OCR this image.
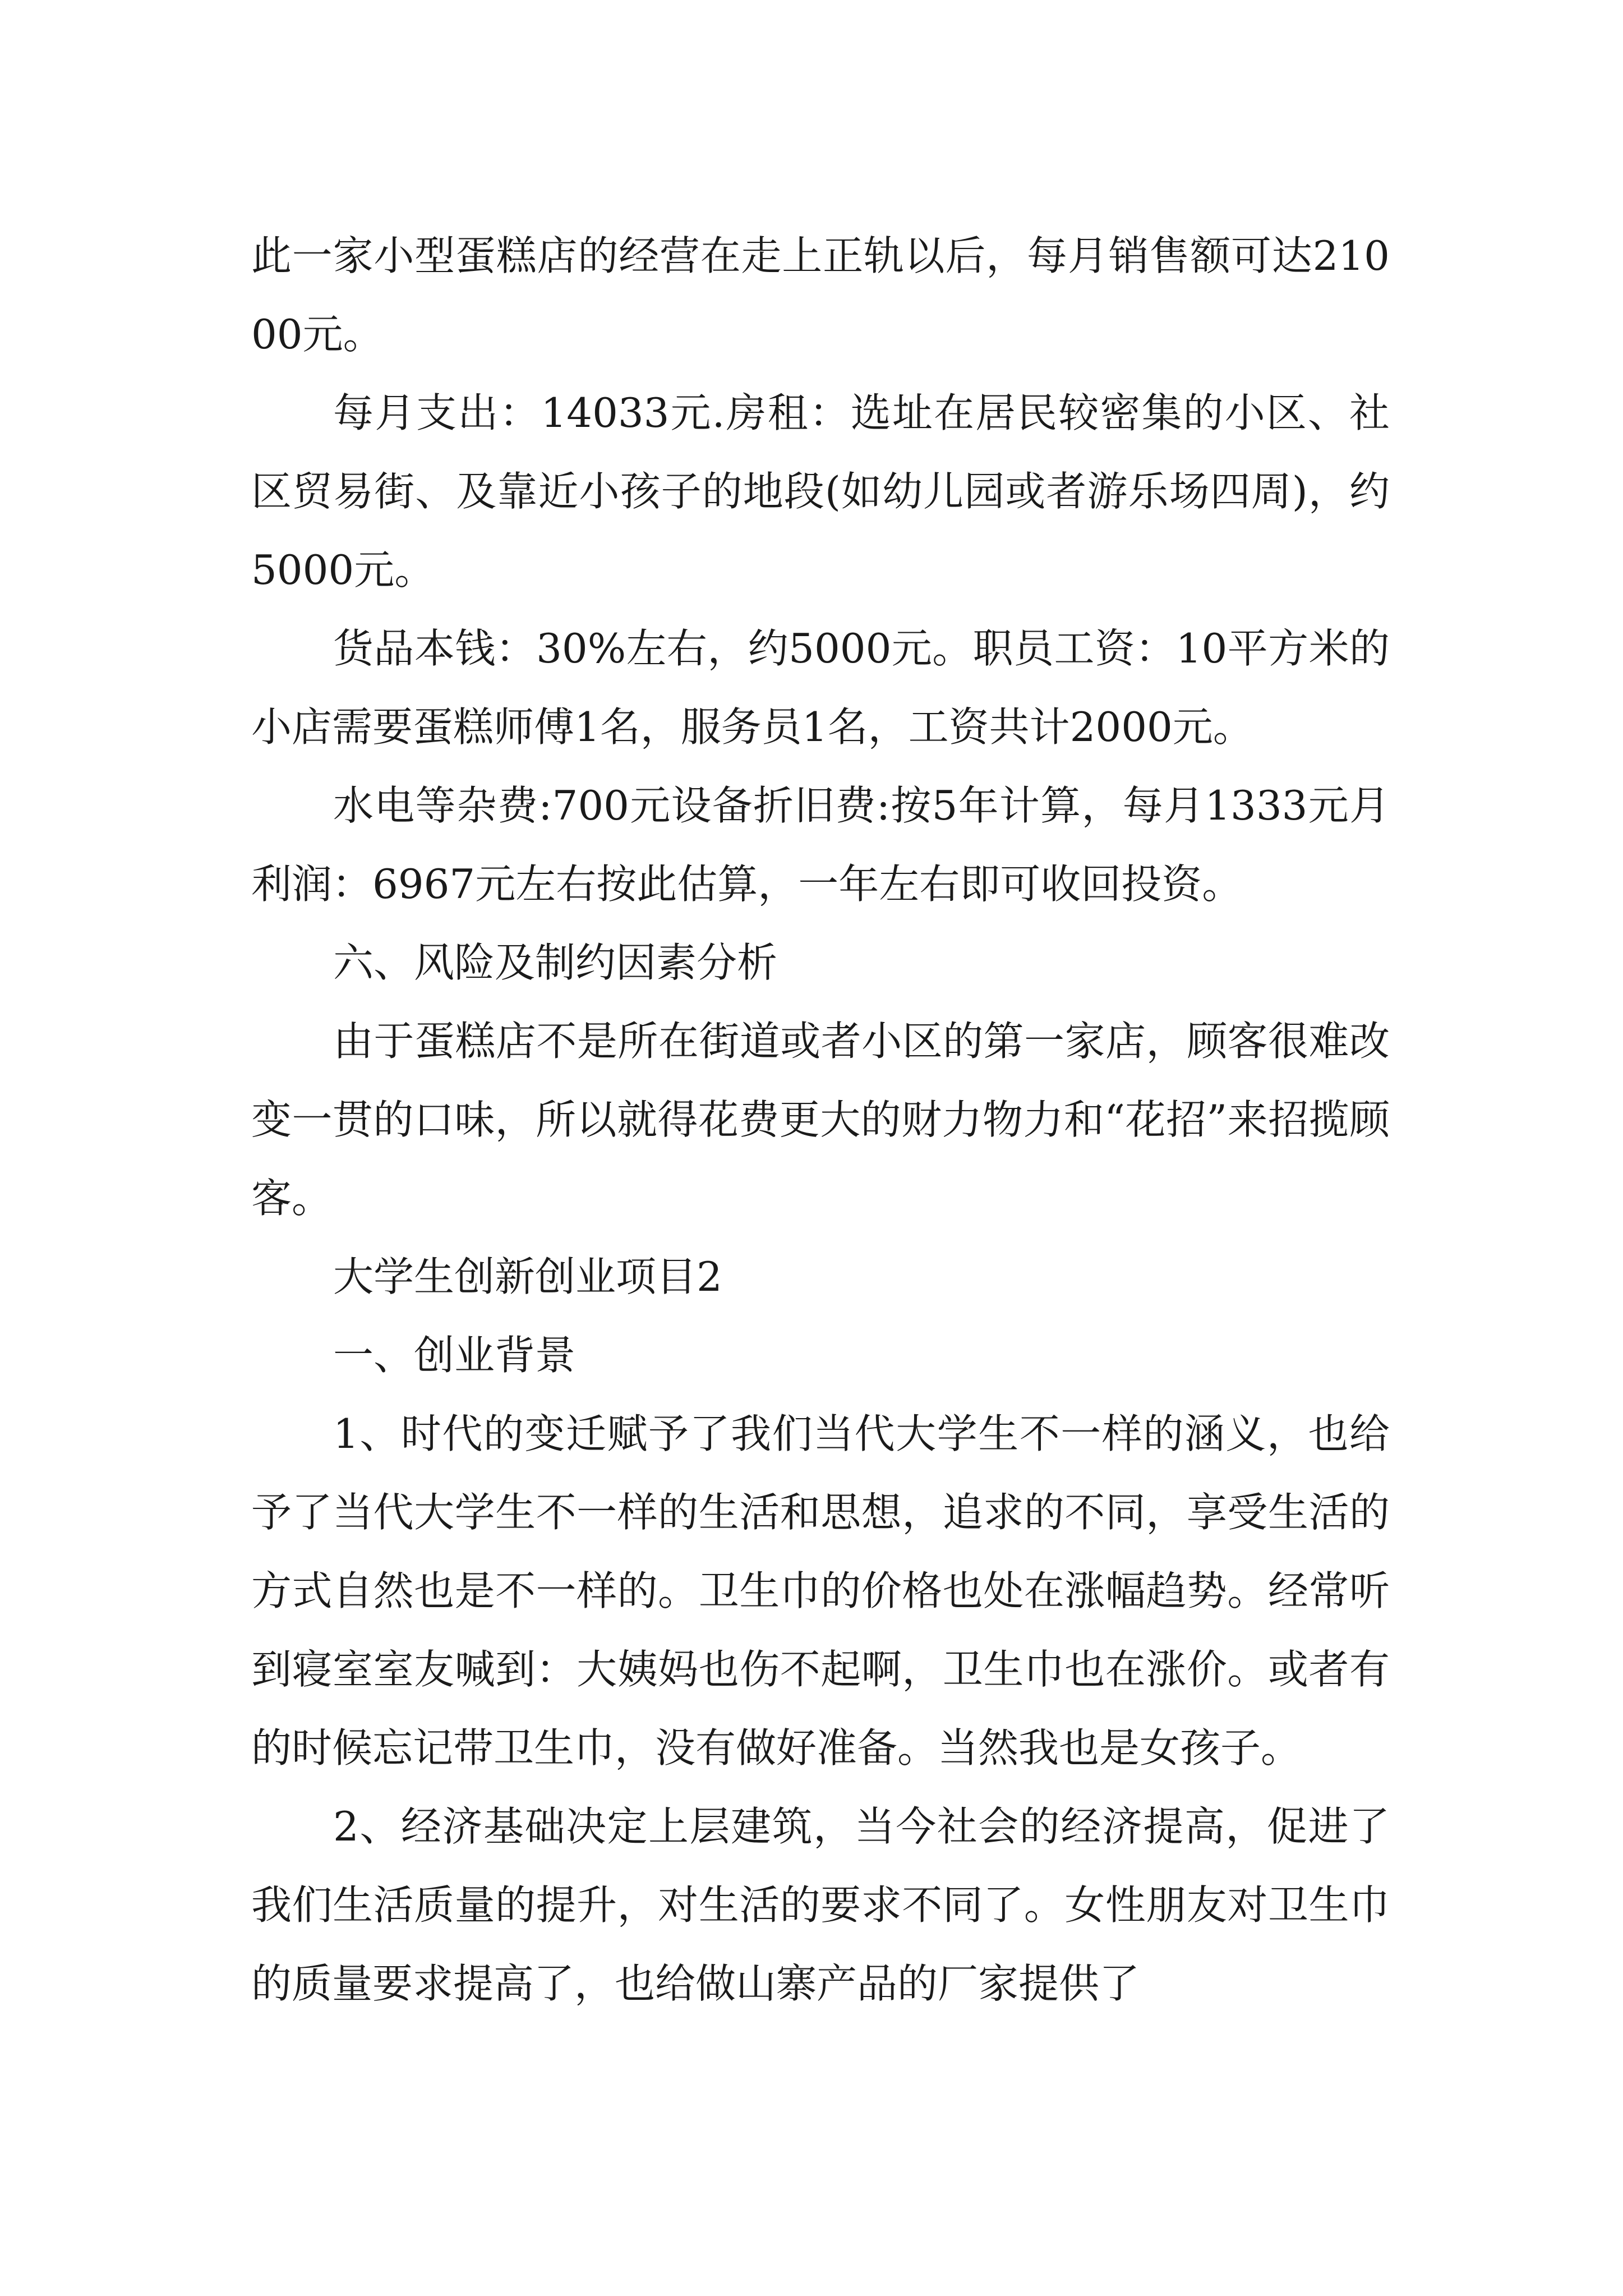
此一家小型蛋糕店的经营在走上正轨以后，每月销售额可达21000元。

每月支出：14033元.房租：选址在居民较密集的小区、社区贸易街、及靠近小孩子的地段(如幼儿园或者游乐场四周)，约5000元。

货品本钱：30%左右，约5000元。职员工资：10平方米的小店需要蛋糕师傅1名，服务员1名，工资共计2000元。

水电等杂费:700元设备折旧费:按5年计算，每月1333元月利润：6967元左右按此估算，一年左右即可收回投资。

六、风险及制约因素分析

由于蛋糕店不是所在街道或者小区的第一家店，顾客很难改变一贯的口味，所以就得花费更大的财力物力和“花招”来招揽顾客。

大学生创新创业项目2

一、创业背景

1、时代的变迁赋予了我们当代大学生不一样的涵义，也给予了当代大学生不一样的生活和思想，追求的不同，享受生活的方式自然也是不一样的。卫生巾的价格也处在涨幅趋势。经常听到寝室室友喊到：大姨妈也伤不起啊，卫生巾也在涨价。或者有的时候忘记带卫生巾，没有做好准备。当然我也是女孩子。

2、经济基础决定上层建筑，当今社会的经济提高，促进了我们生活质量的提升，对生活的要求不同了。女性朋友对卫生巾的质量要求提高了，也给做山寨产品的厂家提供了
